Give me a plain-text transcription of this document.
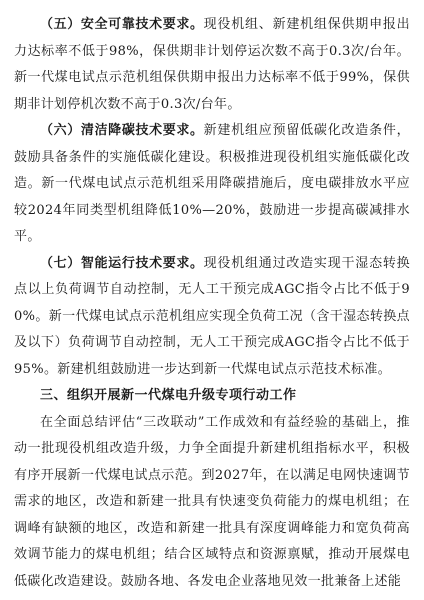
（五）安全可靠技术要求。现役机组、新建机组保供期申报出力达标率不低于98%，保供期非计划停运次数不高于0.3次/台年。新一代煤电试点示范机组保供期申报出力达标率不低于99%，保供期非计划停机次数不高于0.3次/台年。

（六）清洁降碳技术要求。新建机组应预留低碳化改造条件，鼓励具备条件的实施低碳化建设。积极推进现役机组实施低碳化改造。新一代煤电试点示范机组采用降碳措施后，度电碳排放水平应较2024年同类型机组降低10%—20%，鼓励进一步提高碳减排水平。

（七）智能运行技术要求。现役机组通过改造实现干湿态转换点以上负荷调节自动控制，无人工干预完成AGC指令占比不低于90%。新一代煤电试点示范机组应实现全负荷工况（含干湿态转换点及以下）负荷调节自动控制，无人工干预完成AGC指令占比不低于95%。新建机组鼓励进一步达到新一代煤电试点示范技术标准。

三、组织开展新一代煤电升级专项行动工作

在全面总结评估“三改联动”工作成效和有益经验的基础上，推动一批现役机组改造升级，力争全面提升新建机组指标水平，积极有序开展新一代煤电试点示范。到2027年，在以满足电网快速调节需求的地区，改造和新建一批具有快速变负荷能力的煤电机组；在调峰有缺额的地区，改造和新建一批具有深度调峰能力和宽负荷高效调节能力的煤电机组；结合区域特点和资源禀赋，推动开展煤电低碳化改造建设。鼓励各地、各发电企业落地见效一批兼备上述能
